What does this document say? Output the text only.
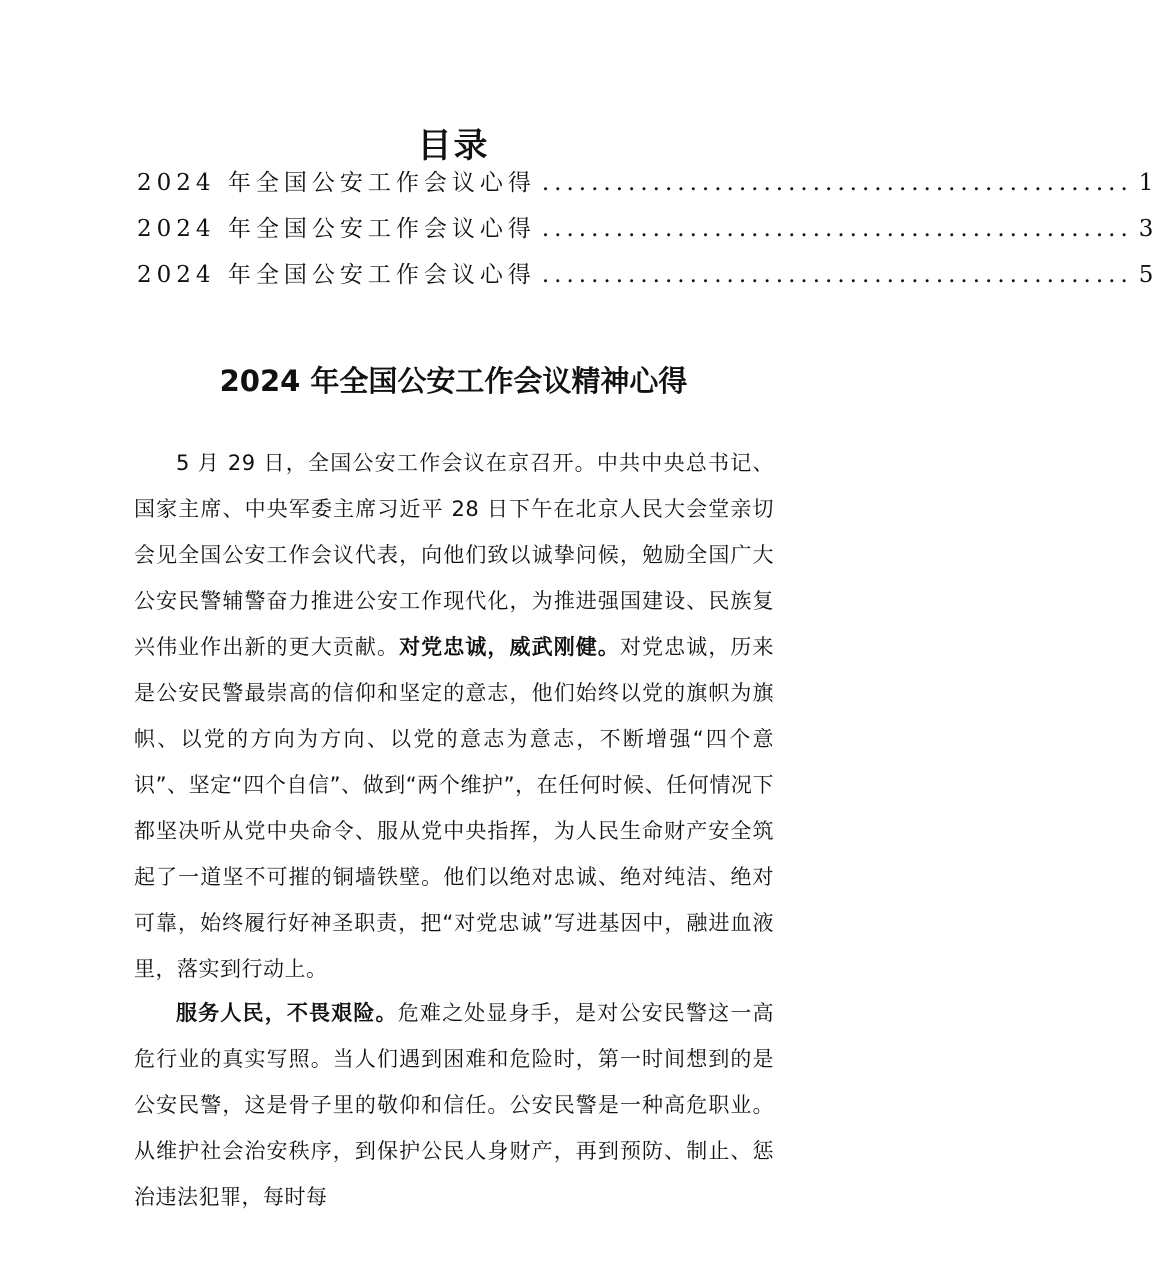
目录
2024 年全国公安工作会议心得 ................................................ 1
2024 年全国公安工作会议心得 ................................................ 3
2024 年全国公安工作会议心得 ................................................ 5
2024 年全国公安工作会议精神心得

5 月 29 日，全国公安工作会议在京召开。中共中央总书记、国家主席、中央军委主席习近平 28 日下午在北京人民大会堂亲切会见全国公安工作会议代表，向他们致以诚挚问候，勉励全国广大公安民警辅警奋力推进公安工作现代化，为推进强国建设、民族复兴伟业作出新的更大贡献。对党忠诚，威武刚健。对党忠诚，历来是公安民警最崇高的信仰和坚定的意志，他们始终以党的旗帜为旗帜、以党的方向为方向、以党的意志为意志，不断增强“四个意识”、坚定“四个自信”、做到“两个维护”，在任何时候、任何情况下都坚决听从党中央命令、服从党中央指挥，为人民生命财产安全筑起了一道坚不可摧的铜墙铁壁。他们以绝对忠诚、绝对纯洁、绝对可靠，始终履行好神圣职责，把“对党忠诚”写进基因中，融进血液里，落实到行动上。

服务人民，不畏艰险。危难之处显身手，是对公安民警这一高危行业的真实写照。当人们遇到困难和危险时，第一时间想到的是公安民警，这是骨子里的敬仰和信任。公安民警是一种高危职业。从维护社会治安秩序，到保护公民人身财产，再到预防、制止、惩治违法犯罪，每时每
